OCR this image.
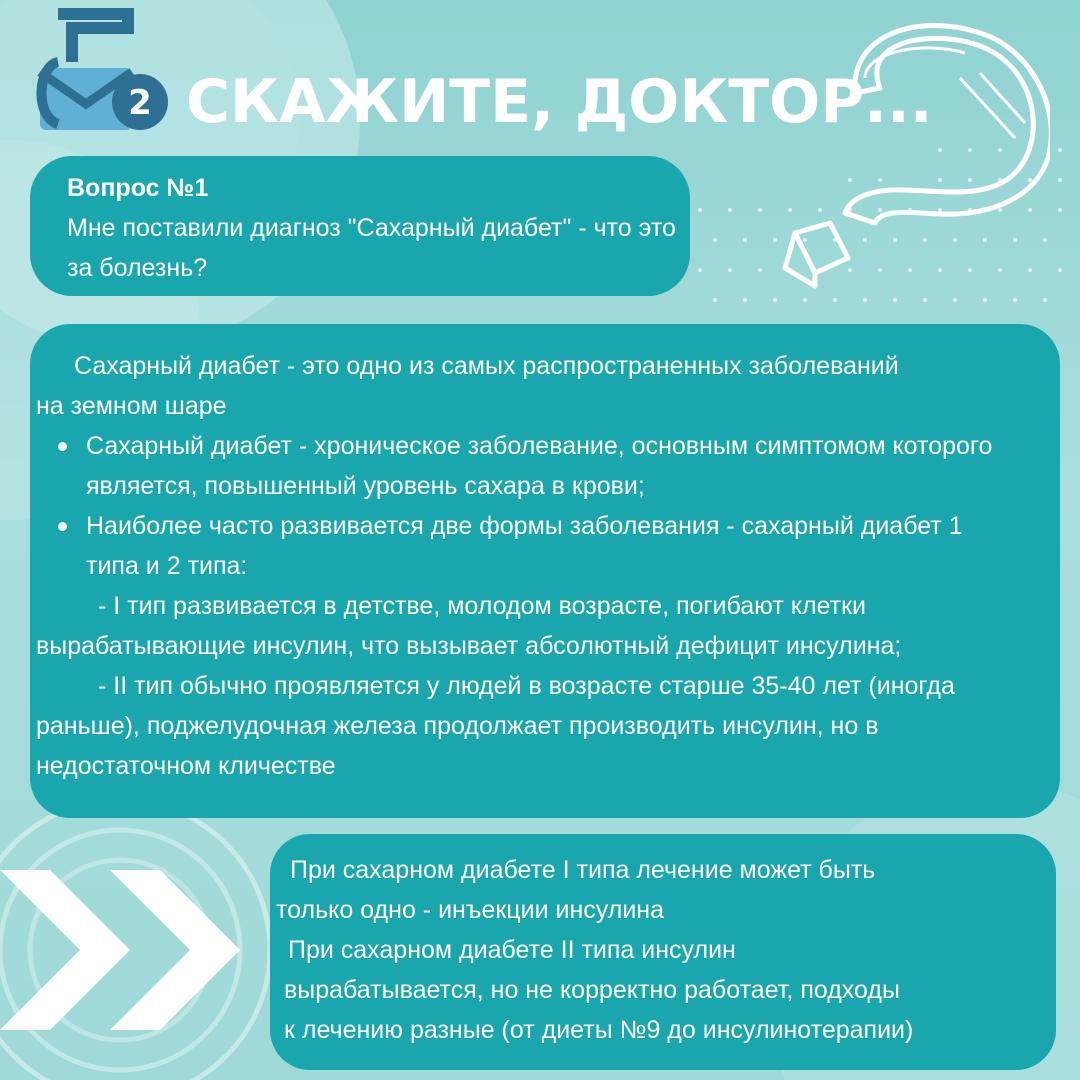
2 СКАЖИТЕ, ДОКТОР...
Вопрос №1
Мне поставили диагноз "Сахарный диабет" - что это за болезнь?
Сахарный диабет - это одно из самых распространенных заболеваний на земном шаре
Сахарный диабет - хроническое заболевание, основным симптомом которого является, повышенный уровень сахара в крови;
Наиболее часто развивается две формы заболевания - сахарный диабет 1 типа и 2 типа:
- I тип развивается в детстве, молодом возрасте, погибают клетки вырабатывающие инсулин, что вызывает абсолютный дефицит инсулина;
- II тип обычно проявляется у людей в возрасте старше 35-40 лет (иногда раньше), поджелудочная железа продолжает производить инсулин, но в недостаточном кличестве
При сахарном диабете I типа лечение может быть
только одно - инъекции инсулина
При сахарном диабете II типа инсулин
вырабатывается, но не корректно работает, подходы
к лечению разные (от диеты №9 до инсулинотерапии)
